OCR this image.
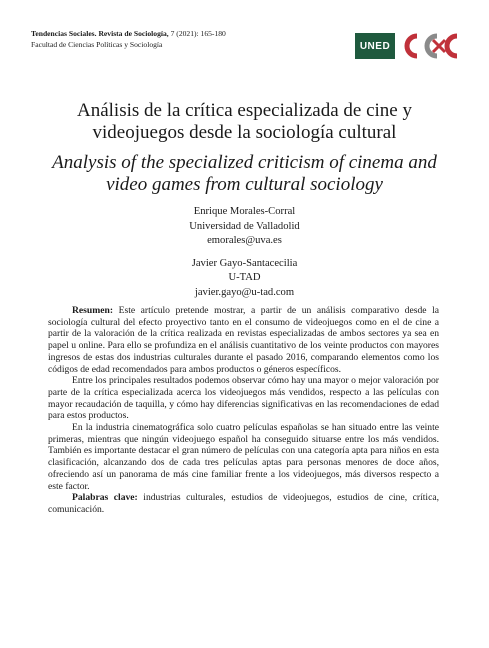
Tendencias Sociales. Revista de Sociología, 7 (2021): 165-180
Facultad de Ciencias Políticas y Sociología	UNED
Análisis de la crítica especializada de cine y
videojuegos desde la sociología cultural
Analysis of the specialized criticism of cinema and
video games from cultural sociology
Enrique Morales-Corral
Universidad de Valladolid
emorales@uva.es
Javier Gayo-Santacecilia
U-TAD
javier.gayo@u-tad.com

Resumen: Este artículo pretende mostrar, a partir de un análisis comparativo desde la sociología cultural del efecto proyectivo tanto en el consumo de videojuegos como en el de cine a partir de la valoración de la crítica realizada en revistas especializadas de ambos sectores ya sea en papel u online. Para ello se profundiza en el análisis cuantitativo de los veinte productos con mayores ingresos de estas dos industrias culturales durante el pasado 2016, comparando elementos como los códigos de edad recomendados para ambos productos o géneros específicos.

Entre los principales resultados podemos observar cómo hay una mayor o mejor valoración por parte de la crítica especializada acerca los videojuegos más vendidos, respecto a las películas con mayor recaudación de taquilla, y cómo hay diferencias significativas en las recomendaciones de edad para estos productos.

En la industria cinematográfica solo cuatro películas españolas se han situado entre las veinte primeras, mientras que ningún videojuego español ha conseguido situarse entre los más vendidos. También es importante destacar el gran número de películas con una categoría apta para niños en esta clasificación, alcanzando dos de cada tres películas aptas para personas menores de doce años, ofreciendo así un panorama de más cine familiar frente a los videojuegos, más diversos respecto a este factor.

Palabras clave: industrias culturales, estudios de videojuegos, estudios de cine, crítica, comunicación.
